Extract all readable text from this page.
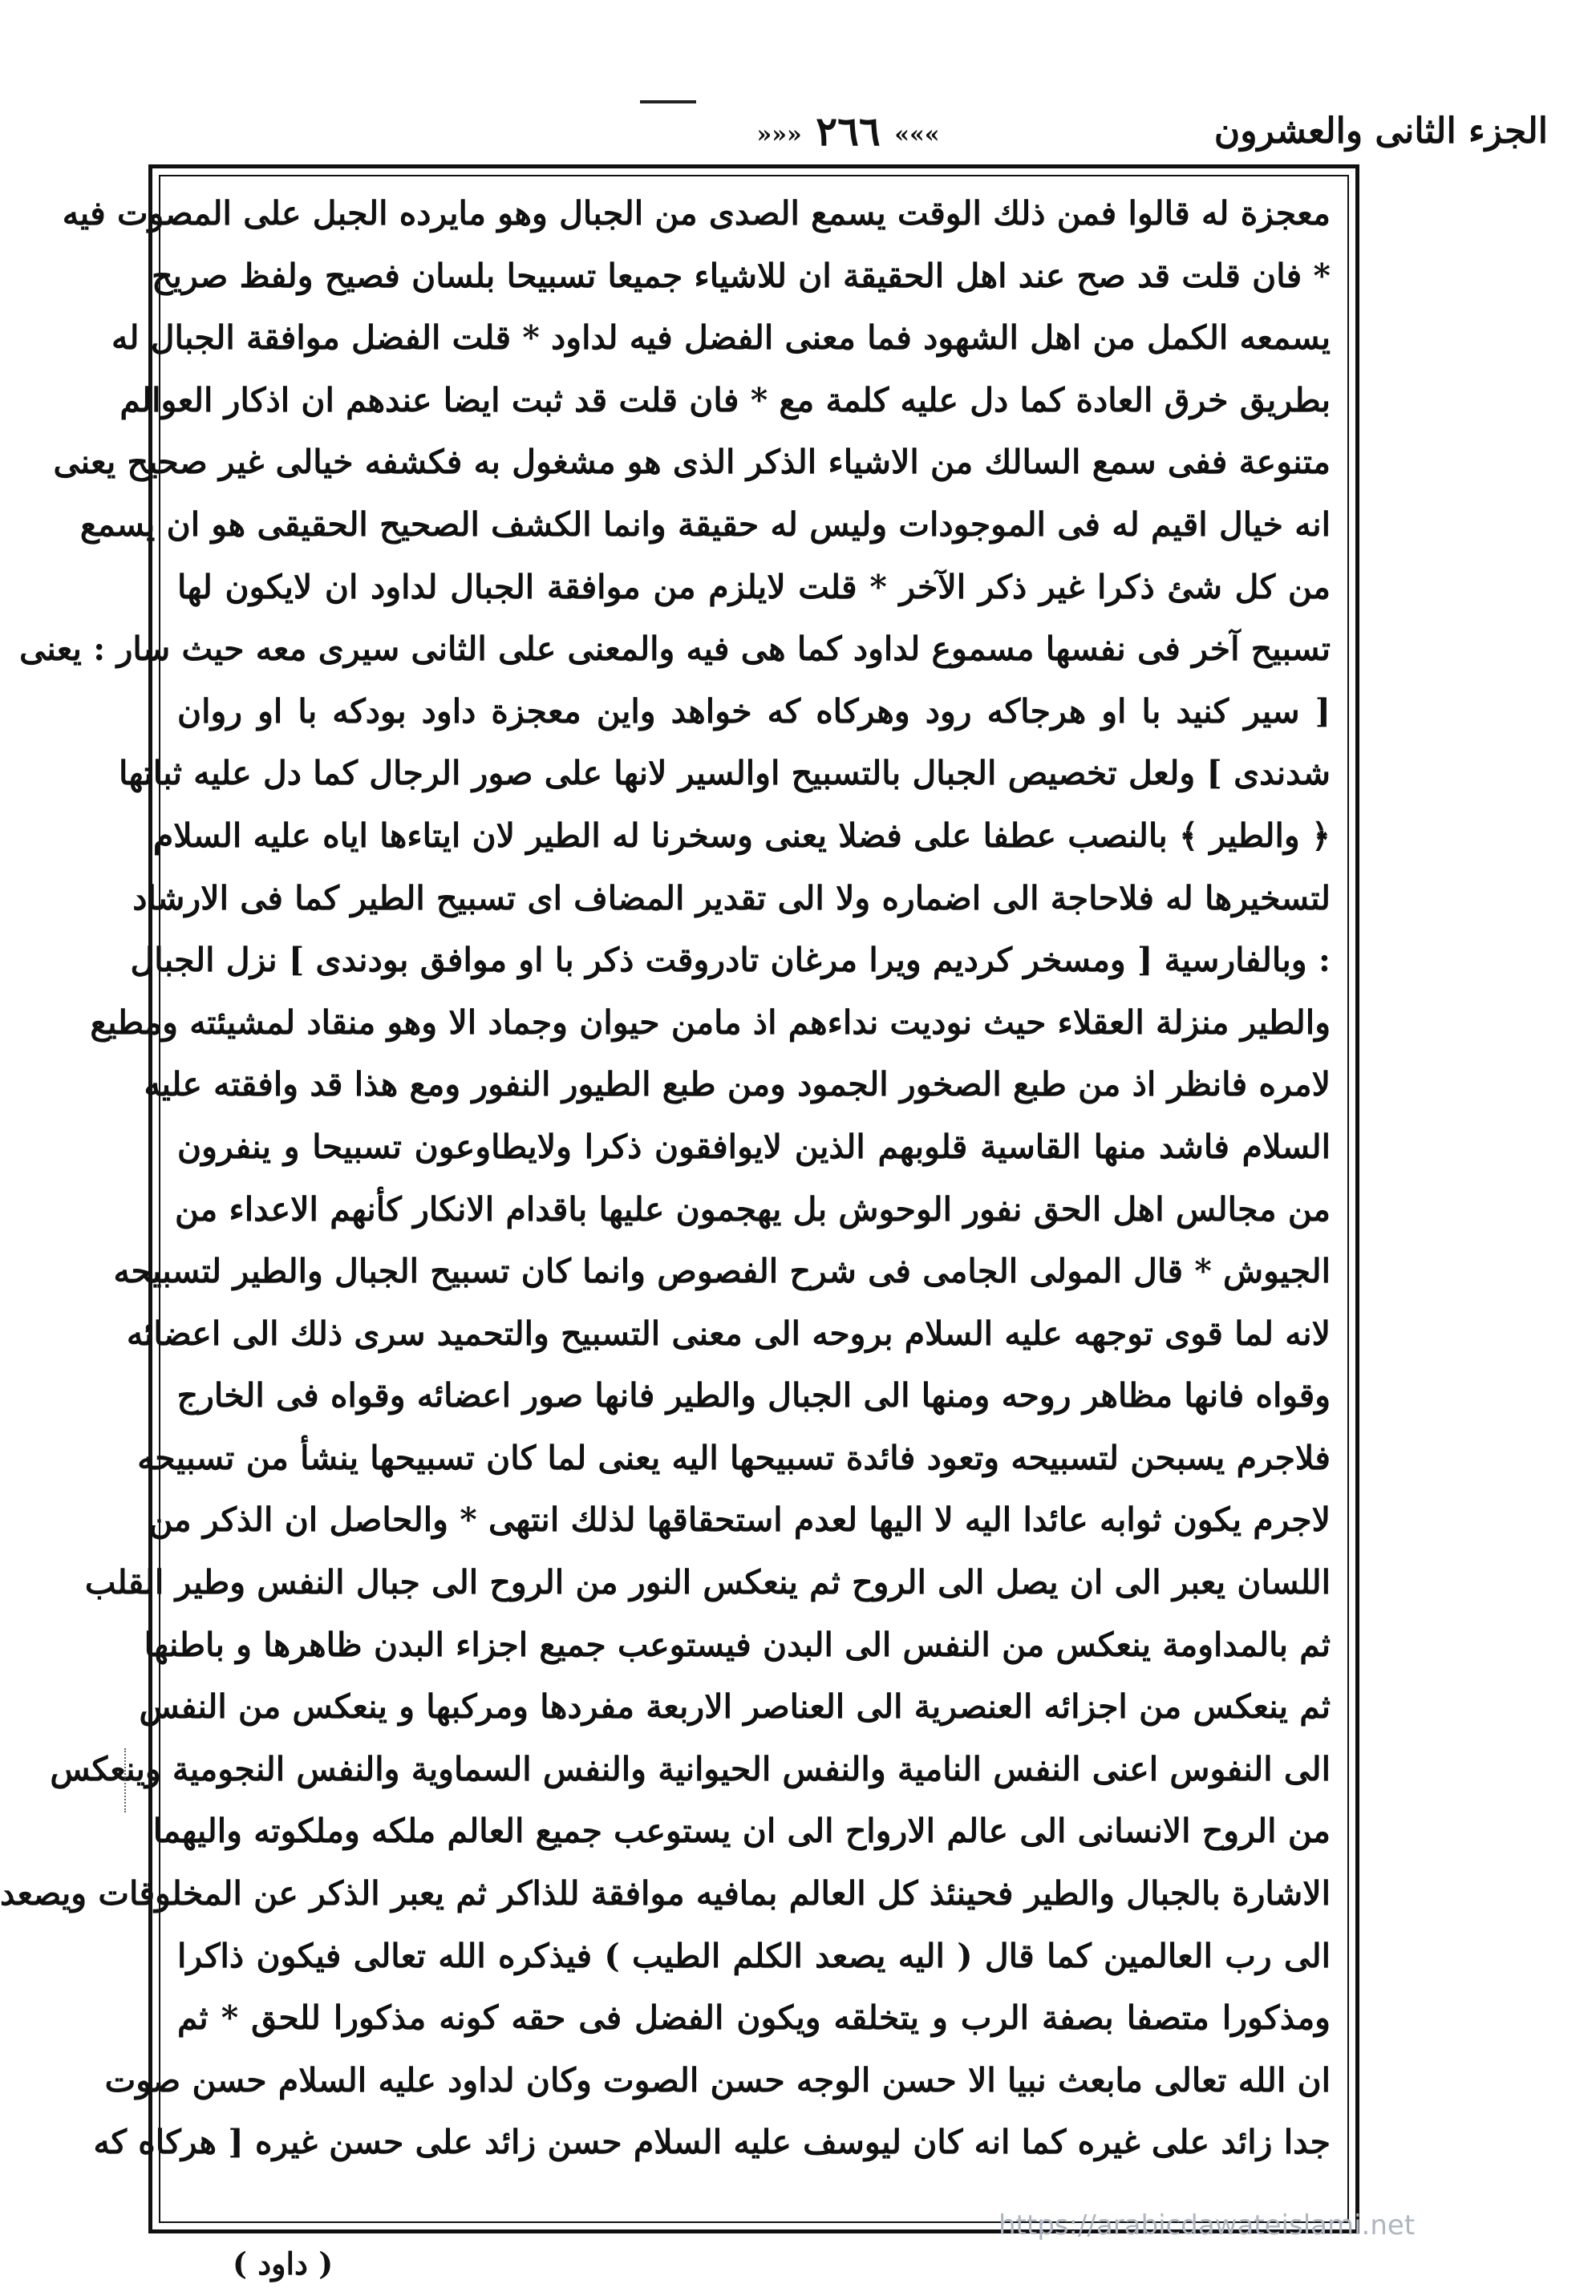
الجزء الثانى والعشرون
»»» ٢٦٦ «««
معجزة له قالوا فمن ذلك الوقت يسمع الصدى من الجبال وهو مايرده الجبل على المصوت فيه
* فان قلت قد صح عند اهل الحقيقة ان للاشياء جميعا تسبيحا بلسان فصيح ولفظ صريح
يسمعه الكمل من اهل الشهود فما معنى الفضل فيه لداود * قلت الفضل موافقة الجبال له
بطريق خرق العادة كما دل عليه كلمة مع * فان قلت قد ثبت ايضا عندهم ان اذكار العوالم
متنوعة ففى سمع السالك من الاشياء الذكر الذى هو مشغول به فكشفه خيالى غير صحيح يعنى
انه خيال اقيم له فى الموجودات وليس له حقيقة وانما الكشف الصحيح الحقيقى هو ان يسمع
من كل شئ ذكرا غير ذكر الآخر * قلت لايلزم من موافقة الجبال لداود ان لايكون لها
تسبيح آخر فى نفسها مسموع لداود كما هى فيه والمعنى على الثانى سيرى معه حيث سار : يعنى
[ سير كنيد با او هرجاكه رود وهركاه كه خواهد واين معجزة داود بودكه با او روان
شدندى ] ولعل تخصيص الجبال بالتسبيح اوالسير لانها على صور الرجال كما دل عليه ثباتها
﴿ والطير ﴾ بالنصب عطفا على فضلا يعنى وسخرنا له الطير لان ايتاءها اياه عليه السلام
لتسخيرها له فلاحاجة الى اضماره ولا الى تقدير المضاف اى تسبيح الطير كما فى الارشاد
: وبالفارسية [ ومسخر كرديم ويرا مرغان تادروقت ذكر با او موافق بودندى ] نزل الجبال
والطير منزلة العقلاء حيث نوديت نداءهم اذ مامن حيوان وجماد الا وهو منقاد لمشيئته ومطيع
لامره فانظر اذ من طبع الصخور الجمود ومن طبع الطيور النفور ومع هذا قد وافقته عليه
السلام فاشد منها القاسية قلوبهم الذين لايوافقون ذكرا ولايطاوعون تسبيحا و ينفرون
من مجالس اهل الحق نفور الوحوش بل يهجمون عليها باقدام الانكار كأنهم الاعداء من
الجيوش * قال المولى الجامى فى شرح الفصوص وانما كان تسبيح الجبال والطير لتسبيحه
لانه لما قوى توجهه عليه السلام بروحه الى معنى التسبيح والتحميد سرى ذلك الى اعضائه
وقواه فانها مظاهر روحه ومنها الى الجبال والطير فانها صور اعضائه وقواه فى الخارج
فلاجرم يسبحن لتسبيحه وتعود فائدة تسبيحها اليه يعنى لما كان تسبيحها ينشأ من تسبيحه
لاجرم يكون ثوابه عائدا اليه لا اليها لعدم استحقاقها لذلك انتهى * والحاصل ان الذكر من
اللسان يعبر الى ان يصل الى الروح ثم ينعكس النور من الروح الى جبال النفس وطير القلب
ثم بالمداومة ينعكس من النفس الى البدن فيستوعب جميع اجزاء البدن ظاهرها و باطنها
ثم ينعكس من اجزائه العنصرية الى العناصر الاربعة مفردها ومركبها و ينعكس من النفس
الى النفوس اعنى النفس النامية والنفس الحيوانية والنفس السماوية والنفس النجومية وينعكس
من الروح الانسانى الى عالم الارواح الى ان يستوعب جميع العالم ملكه وملكوته واليهما
الاشارة بالجبال والطير فحينئذ كل العالم بمافيه موافقة للذاكر ثم يعبر الذكر عن المخلوقات ويصعد
الى رب العالمين كما قال ( اليه يصعد الكلم الطيب ) فيذكره الله تعالى فيكون ذاكرا
ومذكورا متصفا بصفة الرب و يتخلقه ويكون الفضل فى حقه كونه مذكورا للحق * ثم
ان الله تعالى مابعث نبيا الا حسن الوجه حسن الصوت وكان لداود عليه السلام حسن صوت
جدا زائد على غيره كما انه كان ليوسف عليه السلام حسن زائد على حسن غيره [ هركاه كه
https://arabicdawateislami.net
( داود )
